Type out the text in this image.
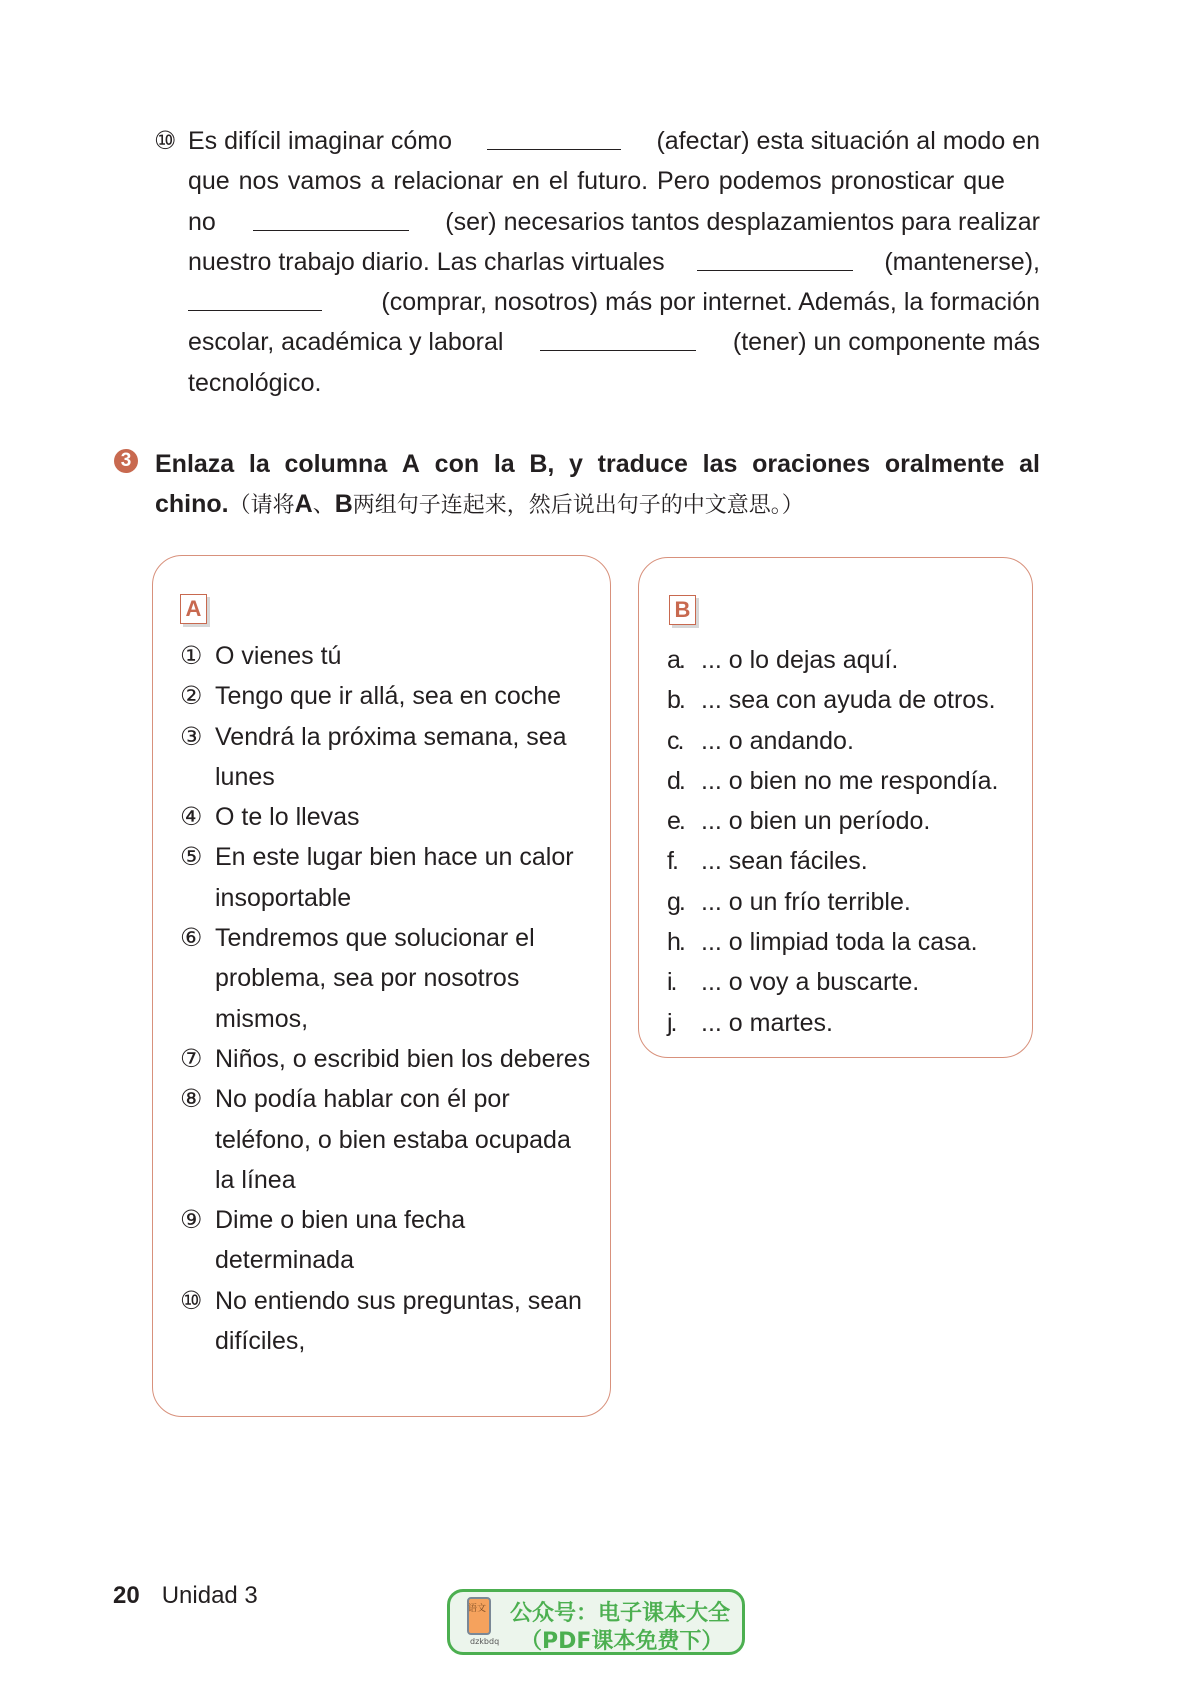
⑩ Es difícil imaginar cómo	(afectar) esta situación al modo en
que nos vamos a relacionar en el futuro. Pero podemos pronosticar que
no	(ser) necesarios tantos desplazamientos para realizar
nuestro trabajo diario. Las charlas virtuales	(mantenerse),
(comprar, nosotros) más por internet. Además, la formación
escolar, académica y laboral	(tener) un componente más
tecnológico.
3 Enlaza la columna A con la B, y traduce las oraciones oralmente al
chino.（请将A、B两组句子连起来，然后说出句子的中文意思。）
A
① O vienes tú
② Tengo que ir allá, sea en coche
③ Vendrá la próxima semana, sea lunes
④ O te lo llevas
⑤ En este lugar bien hace un calor insoportable
⑥ Tendremos que solucionar el problema, sea por nosotros mismos,
⑦ Niños, o escribid bien los deberes
⑧ No podía hablar con él por teléfono, o bien estaba ocupada la línea
⑨ Dime o bien una fecha determinada
⑩ No entiendo sus preguntas, sean difíciles,
B
a. ... o lo dejas aquí.
b. ... sea con ayuda de otros.
c. ... o andando.
d. ... o bien no me respondía.
e. ... o bien un período.
f. ... sean fáciles.
g. ... o un frío terrible.
h. ... o limpiad toda la casa.
i.	... o voy a buscarte.
j.	... o martes.
20 Unidad 3	语文
dzkbdq
公众号：电子课本大全
（PDF课本免费下）
